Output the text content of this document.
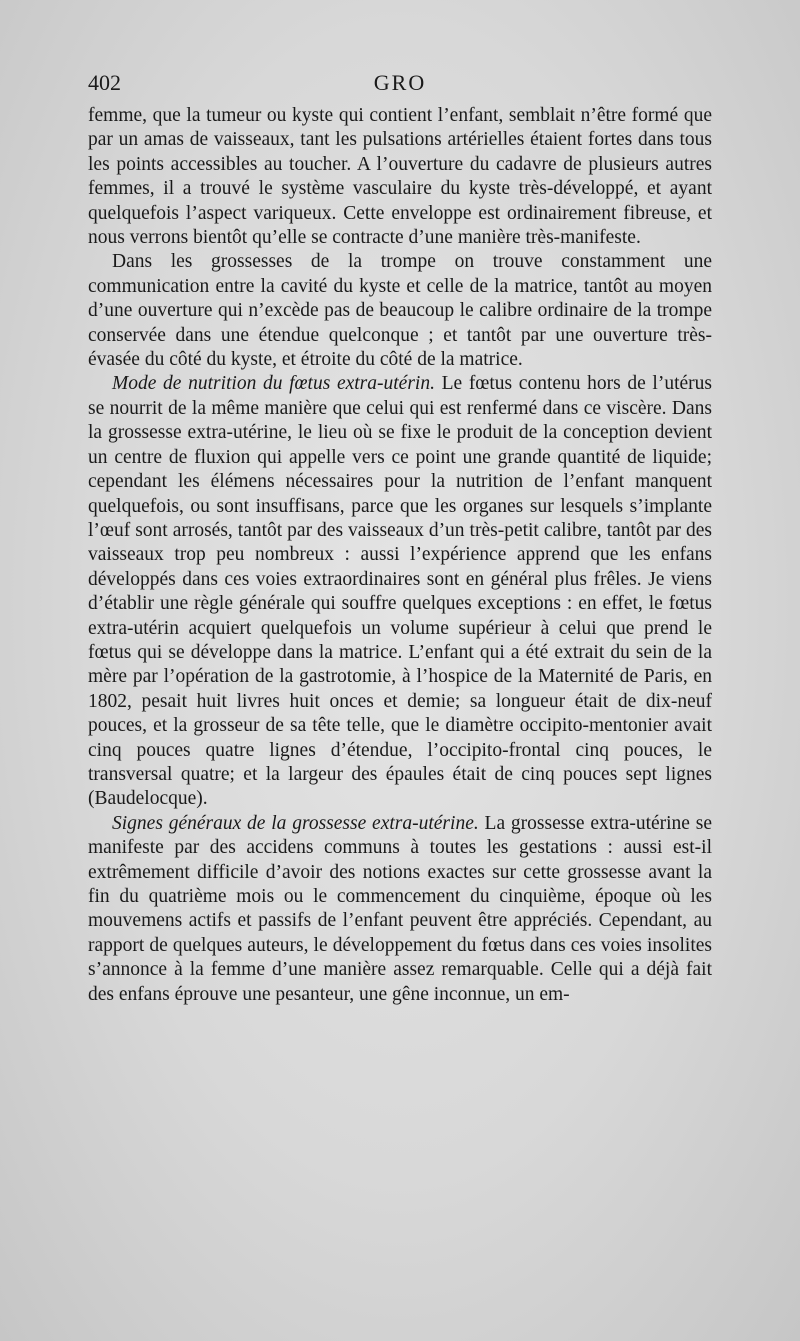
402	GRO

femme, que la tumeur ou kyste qui contient l’enfant, semblait n’être formé que par un amas de vaisseaux, tant les pulsations artérielles étaient fortes dans tous les points accessibles au toucher. A l’ouverture du cadavre de plusieurs autres femmes, il a trouvé le système vasculaire du kyste très-développé, et ayant quelquefois l’aspect variqueux. Cette enveloppe est ordinairement fibreuse, et nous verrons bientôt qu’elle se contracte d’une manière très-manifeste.

Dans les grossesses de la trompe on trouve constamment une communication entre la cavité du kyste et celle de la matrice, tantôt au moyen d’une ouverture qui n’excède pas de beaucoup le calibre ordinaire de la trompe conservée dans une étendue quelconque ; et tantôt par une ouverture très-évasée du côté du kyste, et étroite du côté de la matrice.

Mode de nutrition du fœtus extra-utérin. Le fœtus contenu hors de l’utérus se nourrit de la même manière que celui qui est renfermé dans ce viscère. Dans la grossesse extra-utérine, le lieu où se fixe le produit de la conception devient un centre de fluxion qui appelle vers ce point une grande quantité de liquide; cependant les élémens nécessaires pour la nutrition de l’enfant manquent quelquefois, ou sont insuffisans, parce que les organes sur lesquels s’implante l’œuf sont arrosés, tantôt par des vaisseaux d’un très-petit calibre, tantôt par des vaisseaux trop peu nombreux : aussi l’expérience apprend que les enfans développés dans ces voies extraordinaires sont en général plus frêles. Je viens d’établir une règle générale qui souffre quelques exceptions : en effet, le fœtus extra-utérin acquiert quelquefois un volume supérieur à celui que prend le fœtus qui se développe dans la matrice. L’enfant qui a été extrait du sein de la mère par l’opération de la gastrotomie, à l’hospice de la Maternité de Paris, en 1802, pesait huit livres huit onces et demie; sa longueur était de dix-neuf pouces, et la grosseur de sa tête telle, que le diamètre occipito-mentonier avait cinq pouces quatre lignes d’étendue, l’occipito-frontal cinq pouces, le transversal quatre; et la largeur des épaules était de cinq pouces sept lignes (Baudelocque).

Signes généraux de la grossesse extra-utérine. La grossesse extra-utérine se manifeste par des accidens communs à toutes les gestations : aussi est-il extrêmement difficile d’avoir des notions exactes sur cette grossesse avant la fin du quatrième mois ou le commencement du cinquième, époque où les mouvemens actifs et passifs de l’enfant peuvent être appréciés. Cependant, au rapport de quelques auteurs, le développement du fœtus dans ces voies insolites s’annonce à la femme d’une manière assez remarquable. Celle qui a déjà fait des enfans éprouve une pesanteur, une gêne inconnue, un em-
